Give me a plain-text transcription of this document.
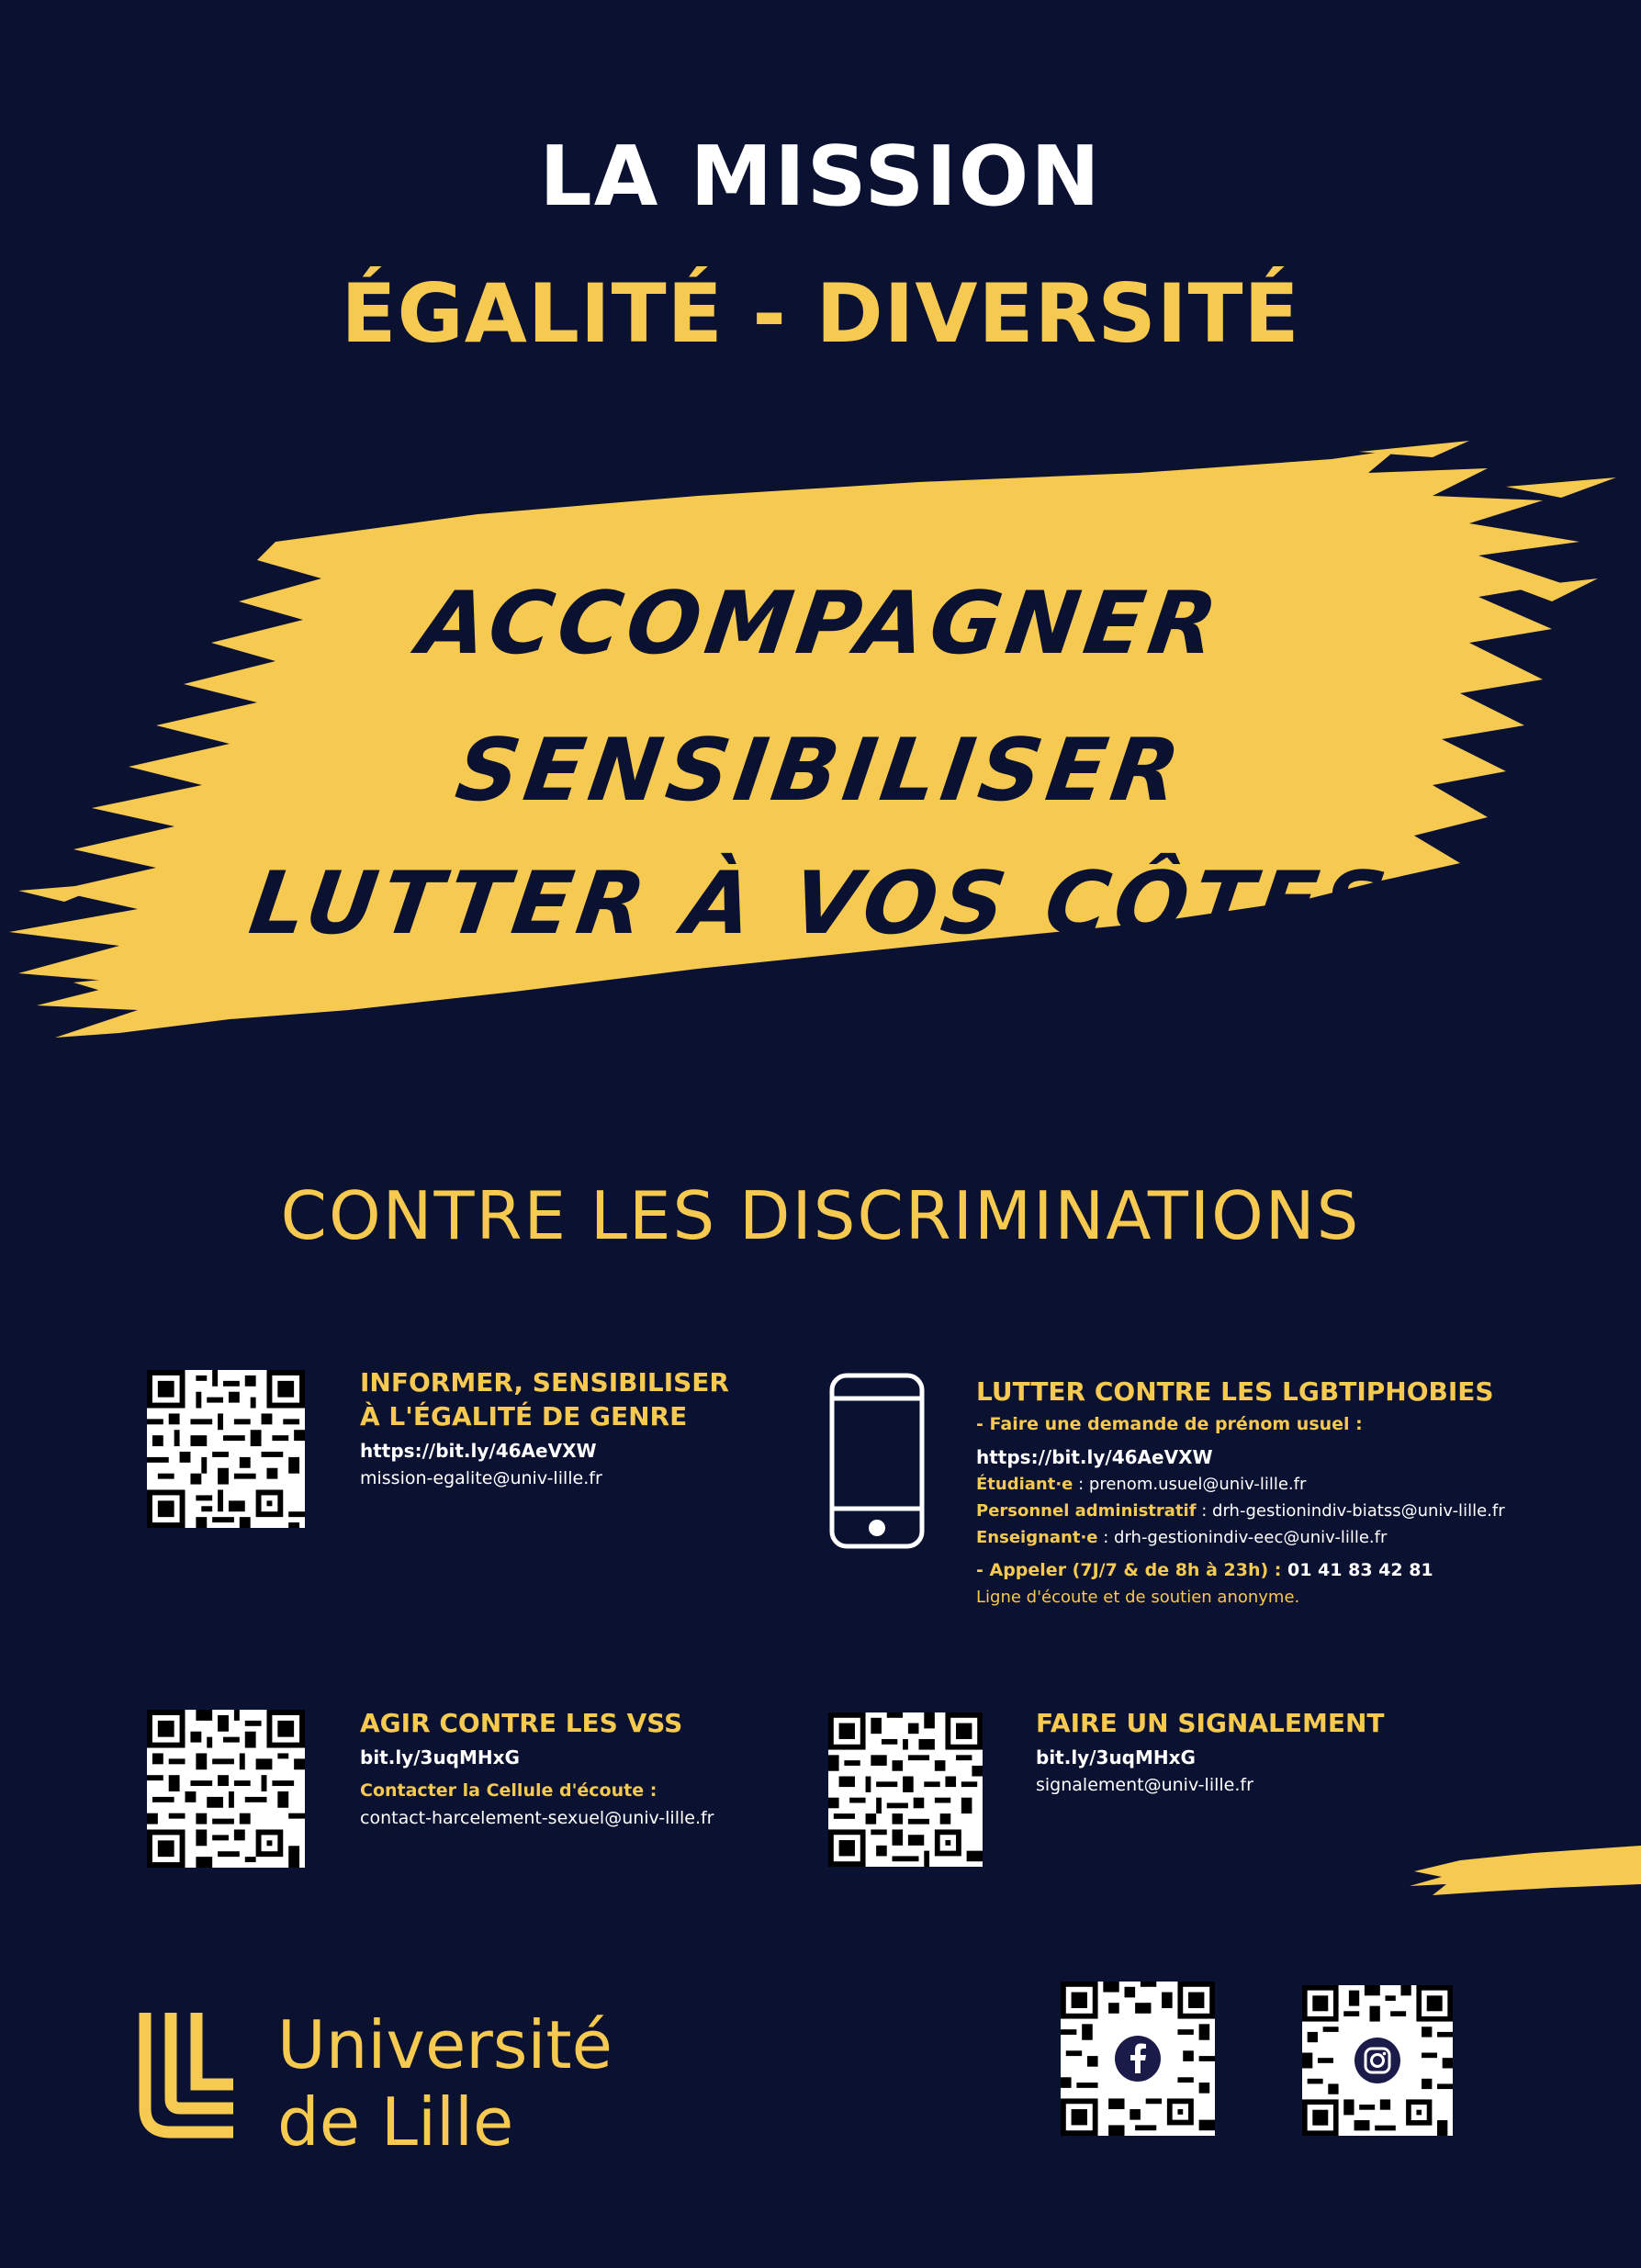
LA MISSION
ÉGALITÉ - DIVERSITÉ
ACCOMPAGNER
SENSIBILISER
LUTTER À VOS CÔTES
CONTRE LES DISCRIMINATIONS
INFORMER, SENSIBILISER
À L'ÉGALITÉ DE GENRE
https://bit.ly/46AeVXW
mission-egalite@univ-lille.fr
LUTTER CONTRE LES LGBTIPHOBIES
- Faire une demande de prénom usuel :
https://bit.ly/46AeVXW
Étudiant·e : prenom.usuel@univ-lille.fr
Personnel administratif : drh-gestionindiv-biatss@univ-lille.fr
Enseignant·e : drh-gestionindiv-eec@univ-lille.fr
- Appeler (7J/7 & de 8h à 23h) : 01 41 83 42 81
Ligne d'écoute et de soutien anonyme.
AGIR CONTRE LES VSS
bit.ly/3uqMHxG
Contacter la Cellule d'écoute :
contact-harcelement-sexuel@univ-lille.fr
FAIRE UN SIGNALEMENT
bit.ly/3uqMHxG
signalement@univ-lille.fr
Université
de Lille
